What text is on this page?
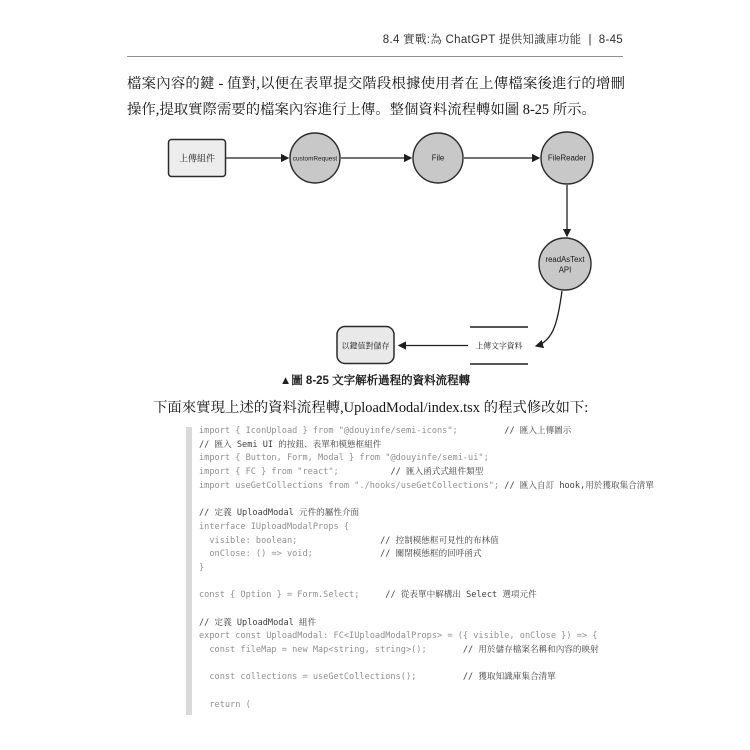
8.4 實戰:為 ChatGPT 提供知識庫功能 | 8-45

檔案內容的鍵 - 值對,以便在表單提交階段根據使用者在上傳檔案後進行的增刪操作,提取實際需要的檔案內容進行上傳。整個資料流程轉如圖 8-25 所示。

上傳組件	customRequest	File	FileReader
readAsText
API
上傳文字資料
以鍵值對儲存
▲圖 8-25 文字解析過程的資料流程轉

下面來實現上述的資料流程轉,UploadModal/index.tsx 的程式修改如下:

import { IconUpload } from "@douyinfe/semi-icons";         // 匯入上傳圖示
// 匯入 Semi UI 的按鈕、表單和模態框組件
import { Button, Form, Modal } from "@douyinfe/semi-ui";
import { FC } from "react";          // 匯入函式式組件類型
import useGetCollections from "./hooks/useGetCollections"; // 匯入自訂 hook,用於獲取集合清單
// 定義 UploadModal 元件的屬性介面
interface IUploadModalProps {
visible: boolean;                // 控制模態框可見性的布林值
onClose: () => void;             // 關閉模態框的回呼函式
}
const { Option } = Form.Select;     // 從表單中解構出 Select 選項元件
// 定義 UploadModal 組件
export const UploadModal: FC<IUploadModalProps> = ({ visible, onClose }) => {
const fileMap = new Map<string, string>();       // 用於儲存檔案名稱和內容的映射
const collections = useGetCollections();         // 獲取知識庫集合清單
return (
